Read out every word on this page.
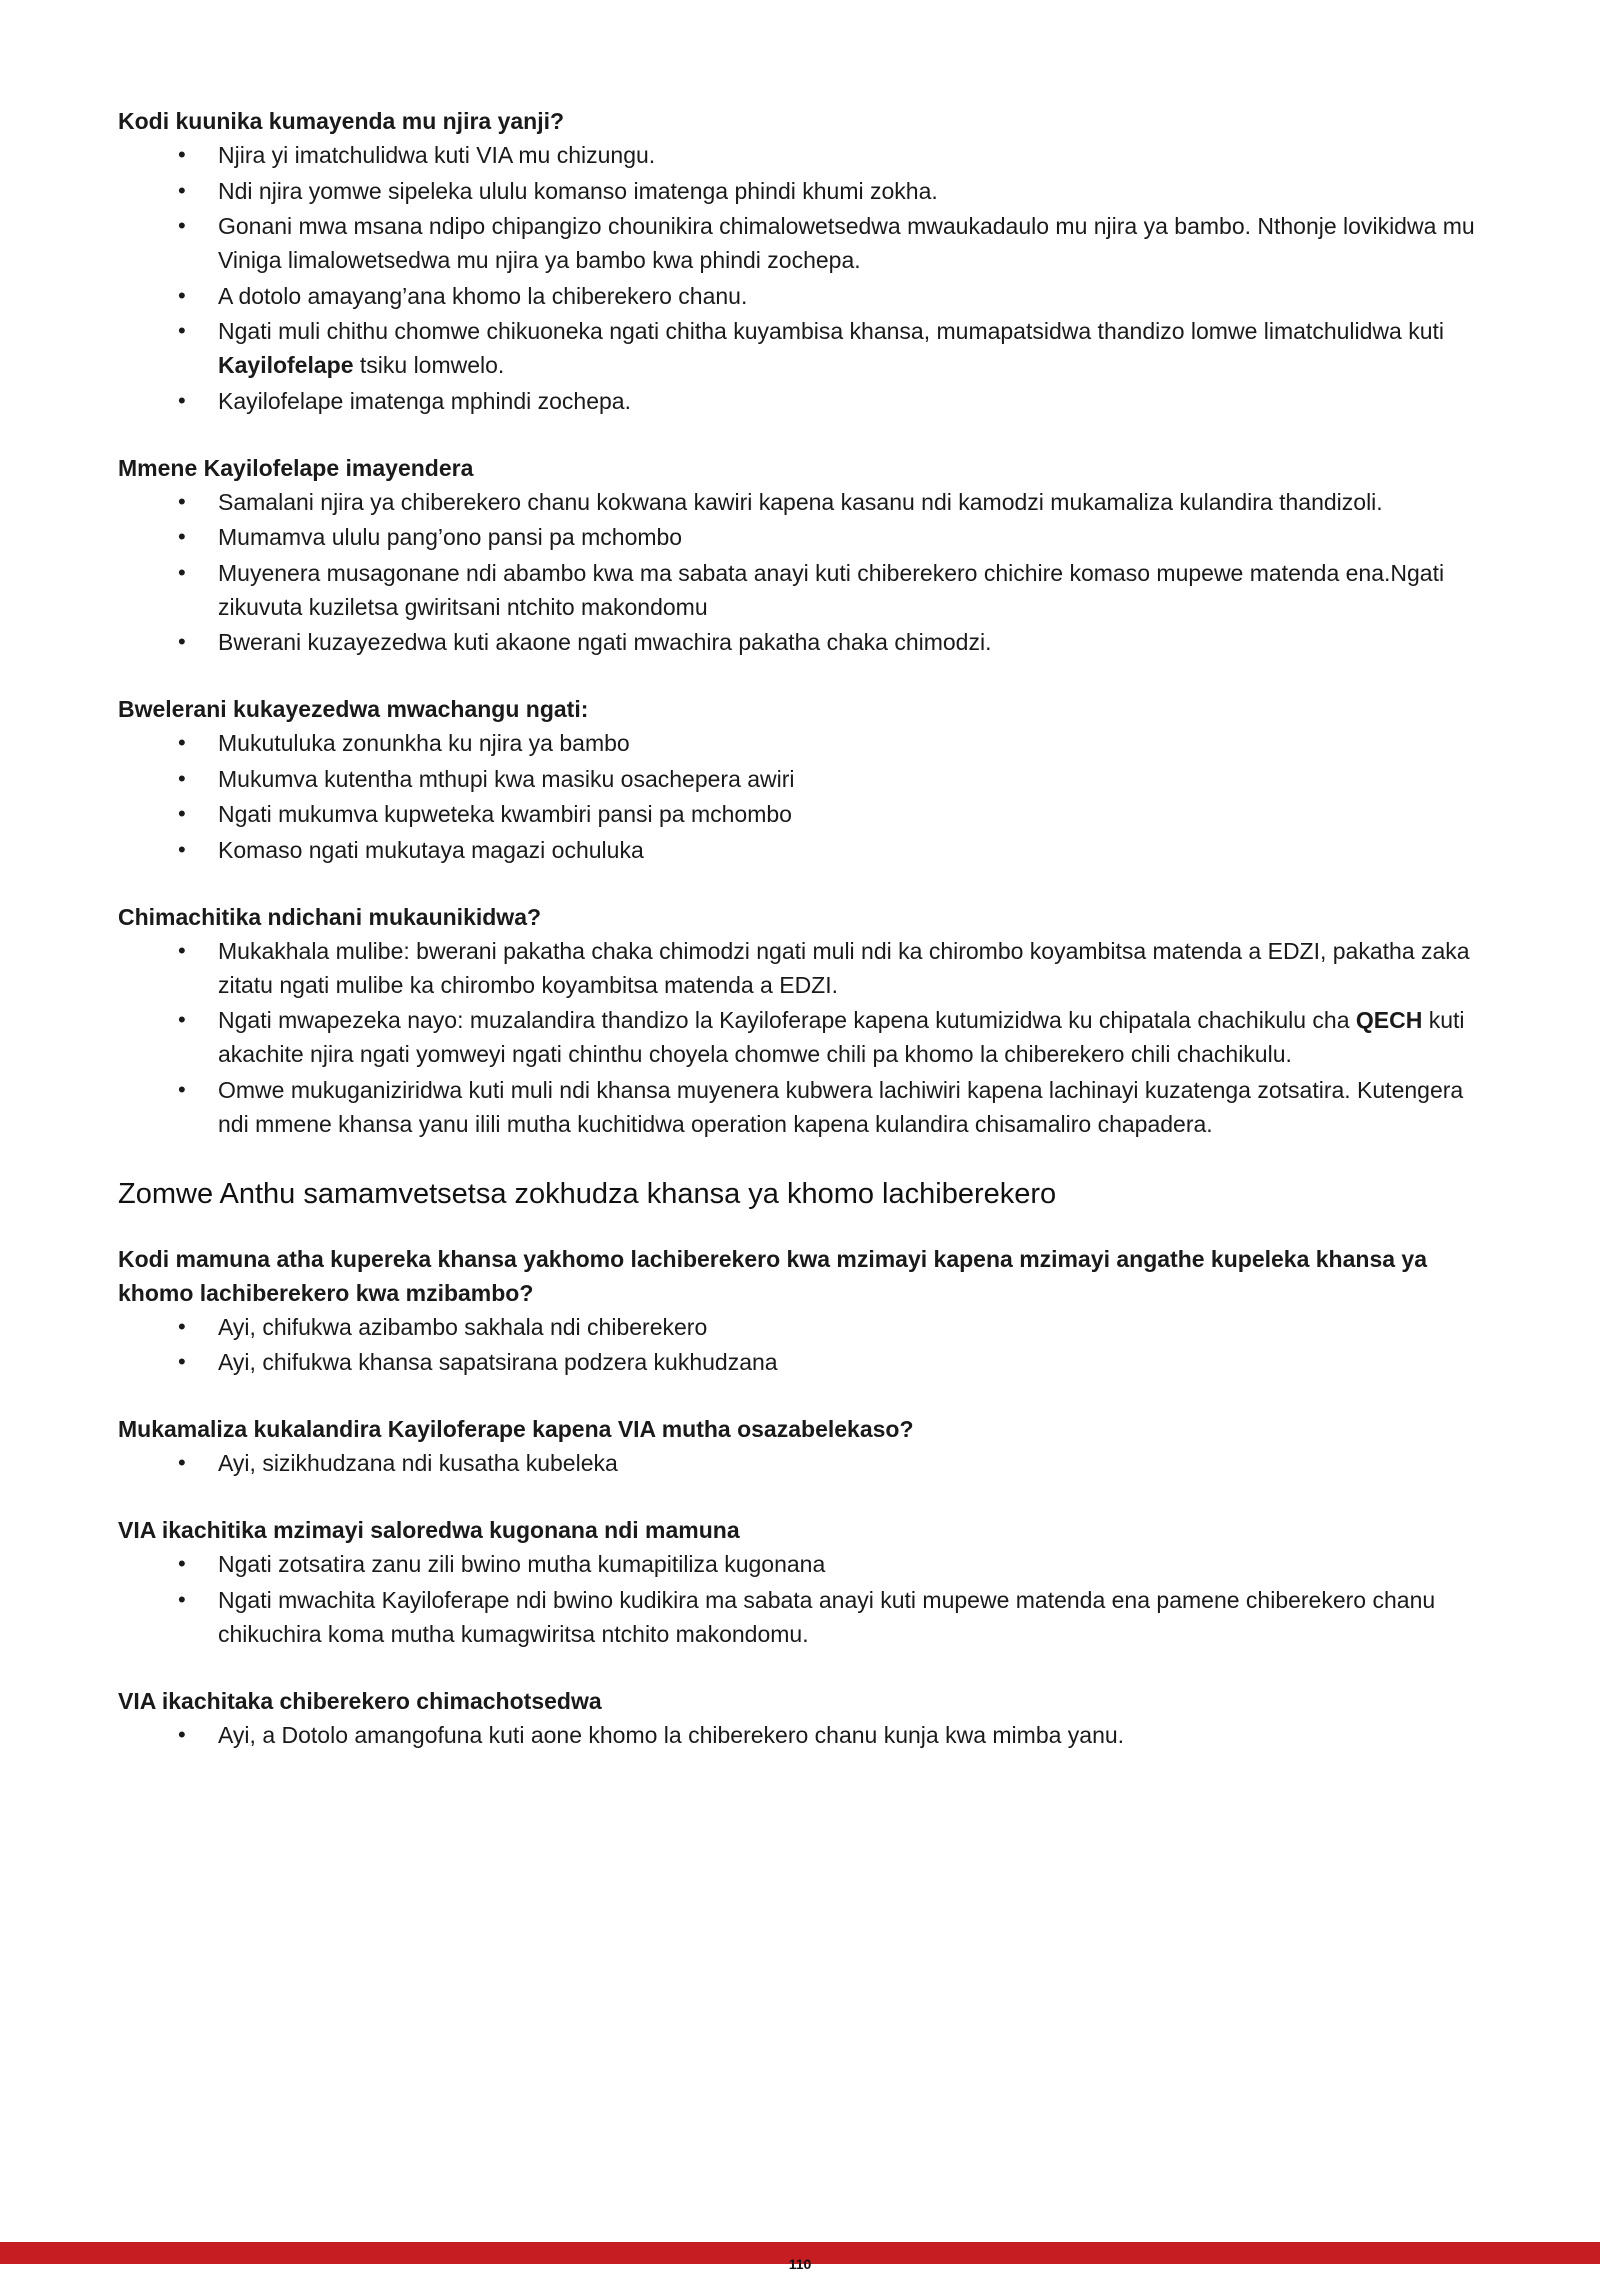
Kodi kuunika kumayenda mu njira yanji?

• Njira yi imatchulidwa kuti VIA mu chizungu.
• Ndi njira yomwe sipeleka ululu komanso imatenga phindi khumi zokha.
• Gonani mwa msana ndipo chipangizo chounikira chimalowetsedwa mwaukadaulo mu njira ya bambo. Nthonje lovikidwa mu Viniga limalowetsedwa mu njira ya bambo kwa phindi zochepa.
• A dotolo amayang’ana khomo la chiberekero chanu.
• Ngati muli chithu chomwe chikuoneka ngati chitha kuyambisa khansa, mumapatsidwa thandizo lomwe limatchulidwa kuti Kayilofelape tsiku lomwelo.
• Kayilofelape imatenga mphindi zochepa.

Mmene Kayilofelape imayendera

• Samalani njira ya chiberekero chanu kokwana kawiri kapena kasanu ndi kamodzi mukamaliza kulandira thandizoli.
• Mumamva ululu pang’ono pansi pa mchombo
• Muyenera musagonane ndi abambo kwa ma sabata anayi kuti chiberekero chichire komaso mupewe matenda ena.Ngati zikuvuta kuziletsa gwiritsani ntchito makondomu
• Bwerani kuzayezedwa kuti akaone ngati mwachira pakatha chaka chimodzi.

Bwelerani kukayezedwa mwachangu ngati:

• Mukutuluka zonunkha ku njira ya bambo
• Mukumva kutentha mthupi kwa masiku osachepera awiri
• Ngati mukumva kupweteka kwambiri pansi pa mchombo
• Komaso ngati mukutaya magazi ochuluka

Chimachitika ndichani mukaunikidwa?

• Mukakhala mulibe: bwerani pakatha chaka chimodzi ngati muli ndi ka chirombo koyambitsa matenda a EDZI, pakatha zaka zitatu ngati mulibe ka chirombo koyambitsa matenda a EDZI.
• Ngati mwapezeka nayo: muzalandira thandizo la Kayiloferape kapena kutumizidwa ku chipatala chachikulu cha QECH kuti akachite njira ngati yomweyi ngati chinthu choyela chomwe chili pa khomo la chiberekero chili chachikulu.
• Omwe mukuganiziridwa kuti muli ndi khansa muyenera kubwera lachiwiri kapena lachinayi kuzatenga zotsatira. Kutengera ndi mmene khansa yanu ilili mutha kuchitidwa operation kapena kulandira chisamaliro chapadera.
Zomwe Anthu samamvetsetsa zokhudza khansa ya khomo lachiberekero

Kodi mamuna atha kupereka khansa yakhomo lachiberekero kwa mzimayi kapena mzimayi angathe kupeleka khansa ya khomo lachiberekero kwa mzibambo?

• Ayi, chifukwa azibambo sakhala ndi chiberekero
• Ayi, chifukwa khansa sapatsirana podzera kukhudzana

Mukamaliza kukalandira Kayiloferape kapena VIA mutha osazabelekaso?

• Ayi, sizikhudzana ndi kusatha kubeleka

VIA ikachitika mzimayi saloredwa kugonana ndi mamuna

• Ngati zotsatira zanu zili bwino mutha kumapitiliza kugonana
• Ngati mwachita Kayiloferape ndi bwino kudikira ma sabata anayi kuti mupewe matenda ena pamene chiberekero chanu chikuchira koma mutha kumagwiritsa ntchito makondomu.

VIA ikachitaka chiberekero chimachotsedwa

• Ayi, a Dotolo amangofuna kuti aone khomo la chiberekero chanu kunja kwa mimba yanu.
110
